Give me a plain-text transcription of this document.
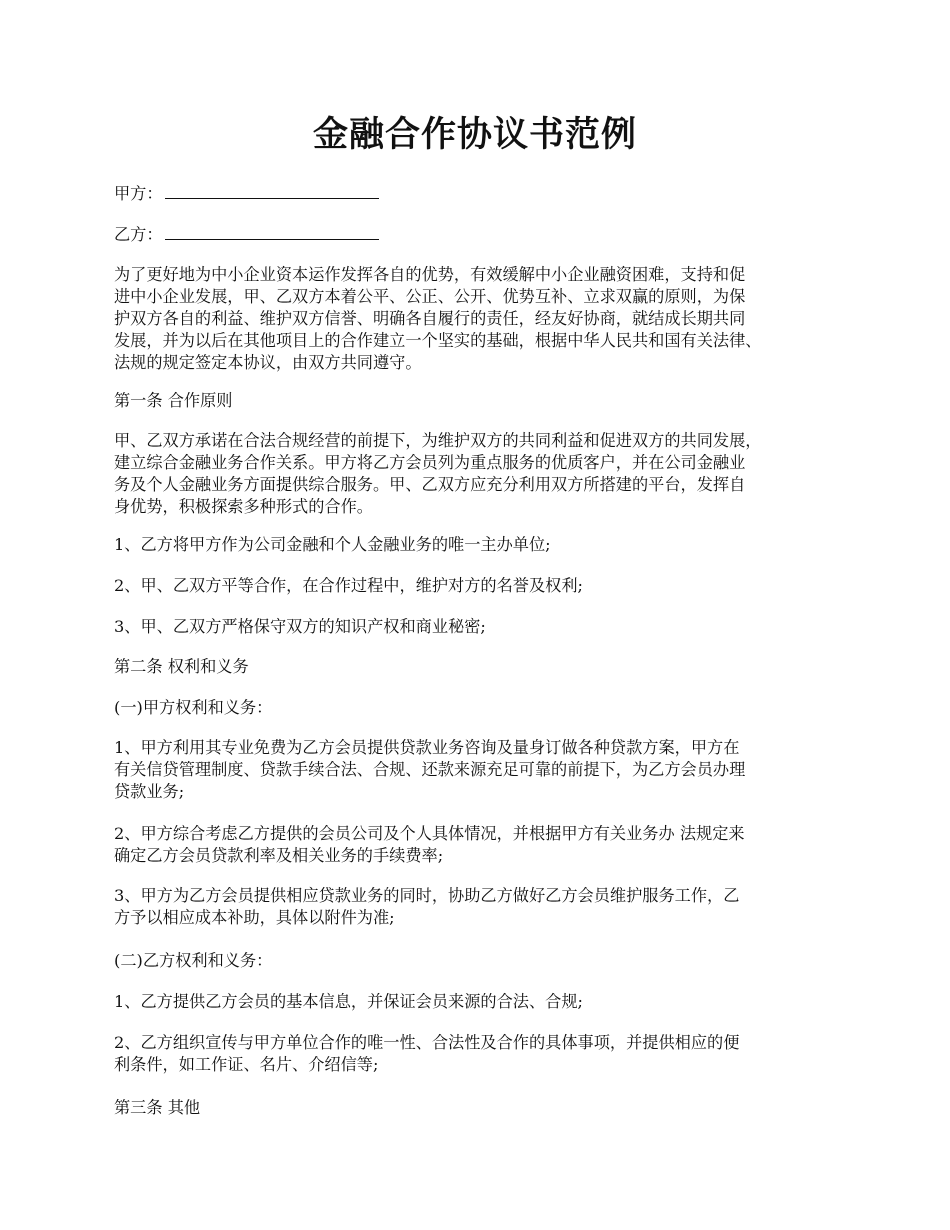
金融合作协议书范例

甲方：

乙方：

为了更好地为中小企业资本运作发挥各自的优势，有效缓解中小企业融资困难，支持和促
进中小企业发展，甲、乙双方本着公平、公正、公开、优势互补、立求双赢的原则，为保
护双方各自的利益、维护双方信誉、明确各自履行的责任，经友好协商，就结成长期共同
发展，并为以后在其他项目上的合作建立一个坚实的基础，根据中华人民共和国有关法律、
法规的规定签定本协议，由双方共同遵守。

第一条 合作原则

甲、乙双方承诺在合法合规经营的前提下，为维护双方的共同利益和促进双方的共同发展，
建立综合金融业务合作关系。甲方将乙方会员列为重点服务的优质客户，并在公司金融业
务及个人金融业务方面提供综合服务。甲、乙双方应充分利用双方所搭建的平台，发挥自
身优势，积极探索多种形式的合作。

1、乙方将甲方作为公司金融和个人金融业务的唯一主办单位;

2、甲、乙双方平等合作，在合作过程中，维护对方的名誉及权利;

3、甲、乙双方严格保守双方的知识产权和商业秘密;

第二条 权利和义务

(一)甲方权利和义务：

1、甲方利用其专业免费为乙方会员提供贷款业务咨询及量身订做各种贷款方案，甲方在
有关信贷管理制度、贷款手续合法、合规、还款来源充足可靠的前提下，为乙方会员办理
贷款业务;

2、甲方综合考虑乙方提供的会员公司及个人具体情况，并根据甲方有关业务办 法规定来
确定乙方会员贷款利率及相关业务的手续费率;

3、甲方为乙方会员提供相应贷款业务的同时，协助乙方做好乙方会员维护服务工作，乙
方予以相应成本补助，具体以附件为准;

(二)乙方权利和义务：

1、乙方提供乙方会员的基本信息，并保证会员来源的合法、合规;

2、乙方组织宣传与甲方单位合作的唯一性、合法性及合作的具体事项，并提供相应的便
利条件，如工作证、名片、介绍信等;

第三条 其他
